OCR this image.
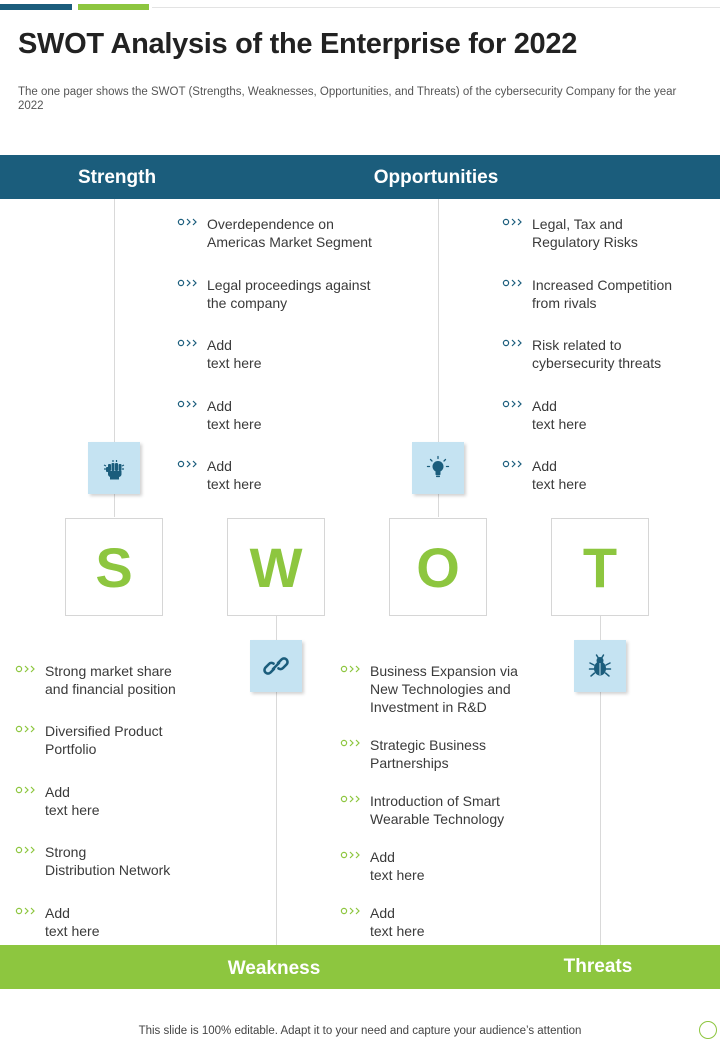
SWOT Analysis of the Enterprise for 2022

The one pager shows the SWOT (Strengths, Weaknesses, Opportunities, and Threats) of the cybersecurity Company for the year 2022

Strength	Opportunities
S W O T
Overdependence on
Americas Market Segment
Legal proceedings against
the company
Add
text here
Add
text here
Add
text here
Legal, Tax and
Regulatory Risks
Increased Competition
from rivals
Risk related to
cybersecurity threats
Add
text here
Add
text here
Strong market share
and financial position
Diversified Product
Portfolio
Add
text here
Strong
Distribution Network
Add
text here
Business Expansion via
New Technologies and
Investment in R&D
Strategic Business
Partnerships
Introduction of Smart
Wearable Technology
Add
text here
Add
text here
Weakness	Threats
This slide is 100% editable. Adapt it to your need and capture your audience’s attention
